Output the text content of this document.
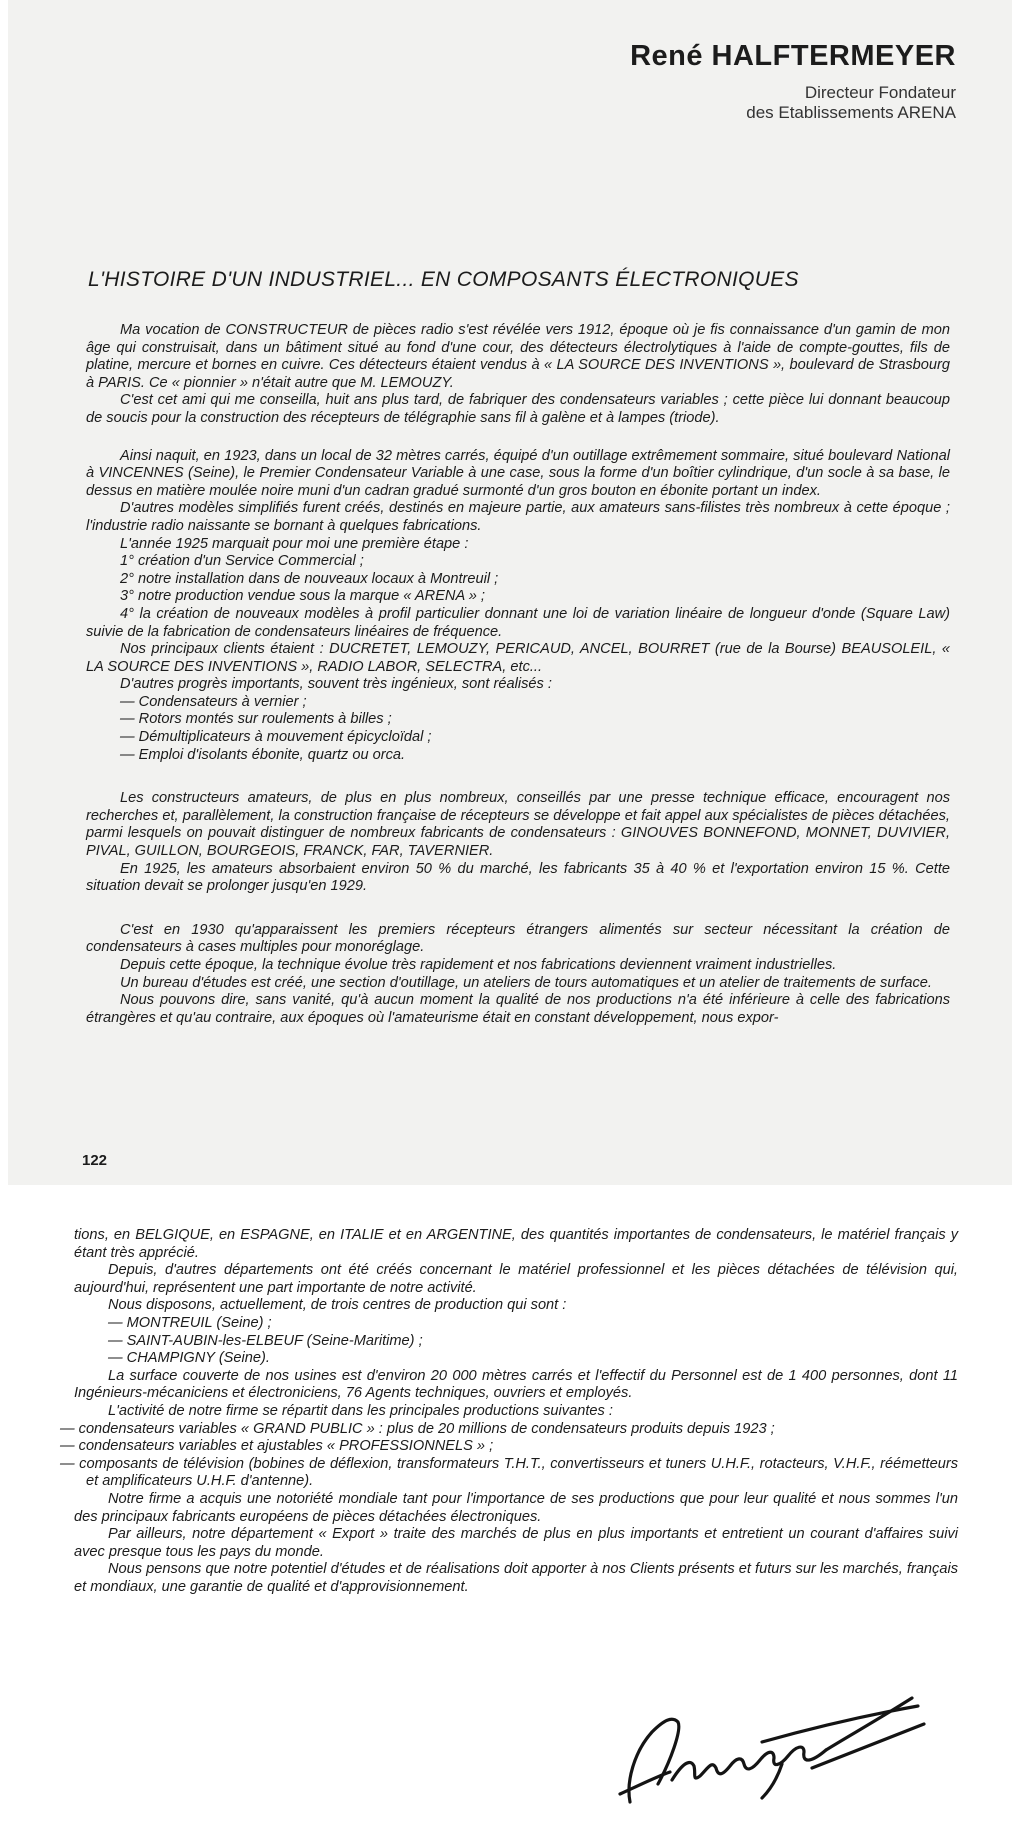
René HALFTERMEYER
Directeur Fondateur
des Etablissements ARENA
L'HISTOIRE D'UN INDUSTRIEL... EN COMPOSANTS ÉLECTRONIQUES

Ma vocation de CONSTRUCTEUR de pièces radio s'est révélée vers 1912, époque où je fis connaissance d'un gamin de mon âge qui construisait, dans un bâtiment situé au fond d'une cour, des détecteurs électrolytiques à l'aide de compte-gouttes, fils de platine, mercure et bornes en cuivre. Ces détecteurs étaient vendus à « LA SOURCE DES INVENTIONS », boulevard de Strasbourg à PARIS. Ce « pionnier » n'était autre que M. LEMOUZY.

C'est cet ami qui me conseilla, huit ans plus tard, de fabriquer des condensateurs variables ; cette pièce lui donnant beaucoup de soucis pour la construction des récepteurs de télégraphie sans fil à galène et à lampes (triode).

Ainsi naquit, en 1923, dans un local de 32 mètres carrés, équipé d'un outillage extrêmement sommaire, situé boulevard National à VINCENNES (Seine), le Premier Condensateur Variable à une case, sous la forme d'un boîtier cylindrique, d'un socle à sa base, le dessus en matière moulée noire muni d'un cadran gradué surmonté d'un gros bouton en ébonite portant un index.

D'autres modèles simplifiés furent créés, destinés en majeure partie, aux amateurs sans-filistes très nombreux à cette époque ; l'industrie radio naissante se bornant à quelques fabrications.

L'année 1925 marquait pour moi une première étape :

1° création d'un Service Commercial ;

2° notre installation dans de nouveaux locaux à Montreuil ;

3° notre production vendue sous la marque « ARENA » ;

4° la création de nouveaux modèles à profil particulier donnant une loi de variation linéaire de longueur d'onde (Square Law) suivie de la fabrication de condensateurs linéaires de fréquence.

Nos principaux clients étaient : DUCRETET, LEMOUZY, PERICAUD, ANCEL, BOURRET (rue de la Bourse) BEAUSOLEIL, « LA SOURCE DES INVENTIONS », RADIO LABOR, SELECTRA, etc...

D'autres progrès importants, souvent très ingénieux, sont réalisés :

— Condensateurs à vernier ;

— Rotors montés sur roulements à billes ;

— Démultiplicateurs à mouvement épicycloïdal ;

— Emploi d'isolants ébonite, quartz ou orca.

Les constructeurs amateurs, de plus en plus nombreux, conseillés par une presse technique efficace, encouragent nos recherches et, parallèlement, la construction française de récepteurs se développe et fait appel aux spécialistes de pièces détachées, parmi lesquels on pouvait distinguer de nombreux fabricants de condensateurs : GINOUVES BONNEFOND, MONNET, DUVIVIER, PIVAL, GUILLON, BOURGEOIS, FRANCK, FAR, TAVERNIER.

En 1925, les amateurs absorbaient environ 50 % du marché, les fabricants 35 à 40 % et l'exportation environ 15 %. Cette situation devait se prolonger jusqu'en 1929.

C'est en 1930 qu'apparaissent les premiers récepteurs étrangers alimentés sur secteur nécessitant la création de condensateurs à cases multiples pour monoréglage.

Depuis cette époque, la technique évolue très rapidement et nos fabrications deviennent vraiment industrielles.

Un bureau d'études est créé, une section d'outillage, un ateliers de tours automatiques et un atelier de traitements de surface.

Nous pouvons dire, sans vanité, qu'à aucun moment la qualité de nos productions n'a été inférieure à celle des fabrications étrangères et qu'au contraire, aux époques où l'amateurisme était en constant développement, nous expor-

122

tions, en BELGIQUE, en ESPAGNE, en ITALIE et en ARGENTINE, des quantités importantes de condensateurs, le matériel français y étant très apprécié.

Depuis, d'autres départements ont été créés concernant le matériel professionnel et les pièces détachées de télévision qui, aujourd'hui, représentent une part importante de notre activité.

Nous disposons, actuellement, de trois centres de production qui sont :

— MONTREUIL (Seine) ;

— SAINT-AUBIN-les-ELBEUF (Seine-Maritime) ;

— CHAMPIGNY (Seine).

La surface couverte de nos usines est d'environ 20 000 mètres carrés et l'effectif du Personnel est de 1 400 personnes, dont 11 Ingénieurs-mécaniciens et électroniciens, 76 Agents techniques, ouvriers et employés.

L'activité de notre firme se répartit dans les principales productions suivantes :

— condensateurs variables « GRAND PUBLIC » : plus de 20 millions de condensateurs produits depuis 1923 ;

— condensateurs variables et ajustables « PROFESSIONNELS » ;

— composants de télévision (bobines de déflexion, transformateurs T.H.T., convertisseurs et tuners U.H.F., rotacteurs, V.H.F., réémetteurs et amplificateurs U.H.F. d'antenne).

Notre firme a acquis une notoriété mondiale tant pour l'importance de ses productions que pour leur qualité et nous sommes l'un des principaux fabricants européens de pièces détachées électroniques.

Par ailleurs, notre département « Export » traite des marchés de plus en plus importants et entretient un courant d'affaires suivi avec presque tous les pays du monde.

Nous pensons que notre potentiel d'études et de réalisations doit apporter à nos Clients présents et futurs sur les marchés, français et mondiaux, une garantie de qualité et d'approvisionnement.
